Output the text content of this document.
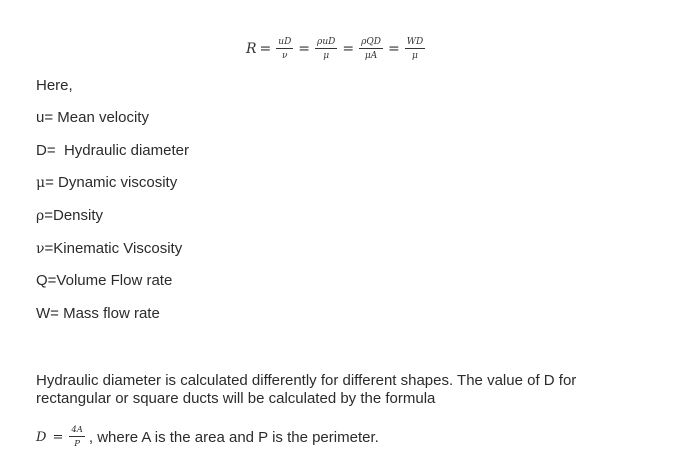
$R = \frac{uD}{\nu} = \frac{\text{ρuD}}{\mu} = \frac{\text{ρQD}}{\mu A} = \frac{WD}{\mu}$
Here,
u= Mean velocity
D=  Hydraulic diameter
μ= Dynamic viscosity
ρ=Density
ν=Kinematic Viscosity
Q=Volume Flow rate
W= Mass flow rate

Hydraulic diameter is calculated differently for different shapes. The value of D for rectangular or square ducts will be calculated by the formula

$D = \frac{4A}{P}$ , where A is the area and P is the perimeter.
